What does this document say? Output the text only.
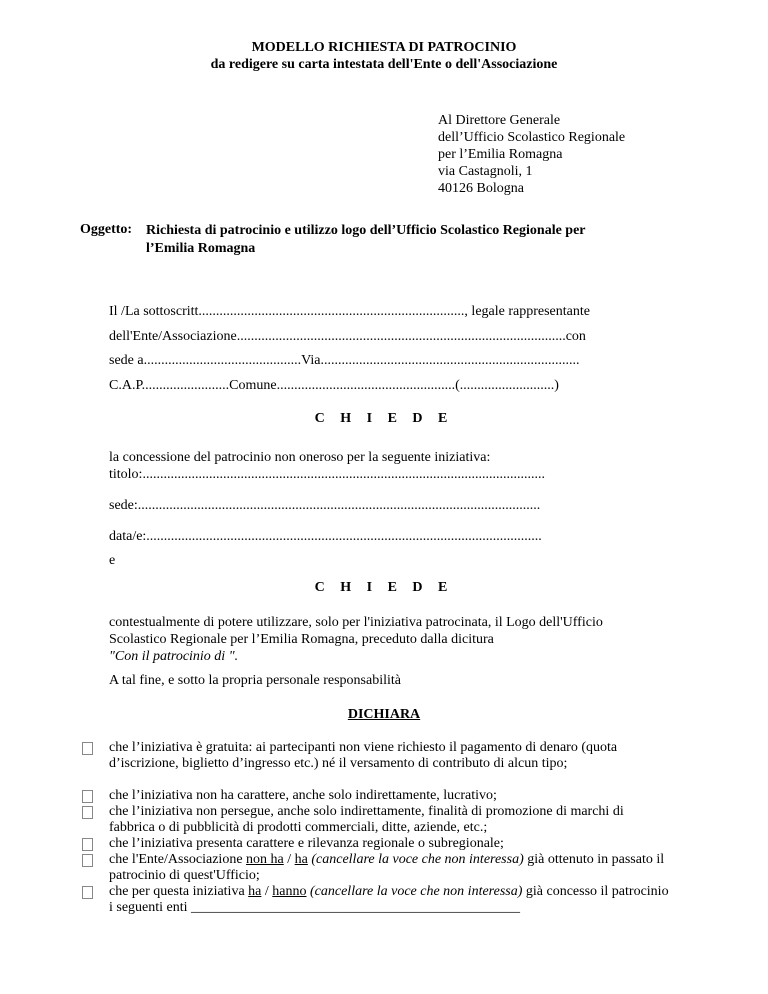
MODELLO RICHIESTA DI PATROCINIO
da redigere su carta intestata dell'Ente o dell'Associazione
Al Direttore Generale
dell’Ufficio Scolastico Regionale
per l’Emilia Romagna
via Castagnoli, 1
40126 Bologna
Oggetto: Richiesta di patrocinio e utilizzo logo dell’Ufficio Scolastico Regionale per
l’Emilia Romagna
Il /La sottoscritt............................................................................, legale rappresentante
dell'Ente/Associazione..............................................................................................con
sede a.............................................Via..........................................................................
C.A.P.........................Comune...................................................(...........................)
C H I E D E
la concessione del patrocinio non oneroso per la seguente iniziativa:
titolo:...................................................................................................................
sede:...................................................................................................................
data/e:.................................................................................................................
e
C H I E D E
contestualmente di potere utilizzare, solo per l'iniziativa patrocinata, il Logo dell'Ufficio
Scolastico Regionale per l’Emilia Romagna, preceduto dalla dicitura
"Con il patrocinio di ".
A tal fine, e sotto la propria personale responsabilità
DICHIARA
che l’iniziativa è gratuita: ai partecipanti non viene richiesto il pagamento di denaro (quota d’iscrizione, biglietto d’ingresso etc.) né il versamento di contributo di alcun tipo;
che l’iniziativa non ha carattere, anche solo indirettamente, lucrativo;
che l’iniziativa non persegue, anche solo indirettamente, finalità di promozione di marchi di fabbrica o di pubblicità di prodotti commerciali, ditte, aziende, etc.;
che l’iniziativa presenta carattere e rilevanza regionale o subregionale;
che l'Ente/Associazione non ha / ha (cancellare la voce che non interessa) già ottenuto in passato il patrocinio di quest'Ufficio;
che per questa iniziativa ha / hanno (cancellare la voce che non interessa) già concesso il patrocinio i seguenti enti _______________________________________________
